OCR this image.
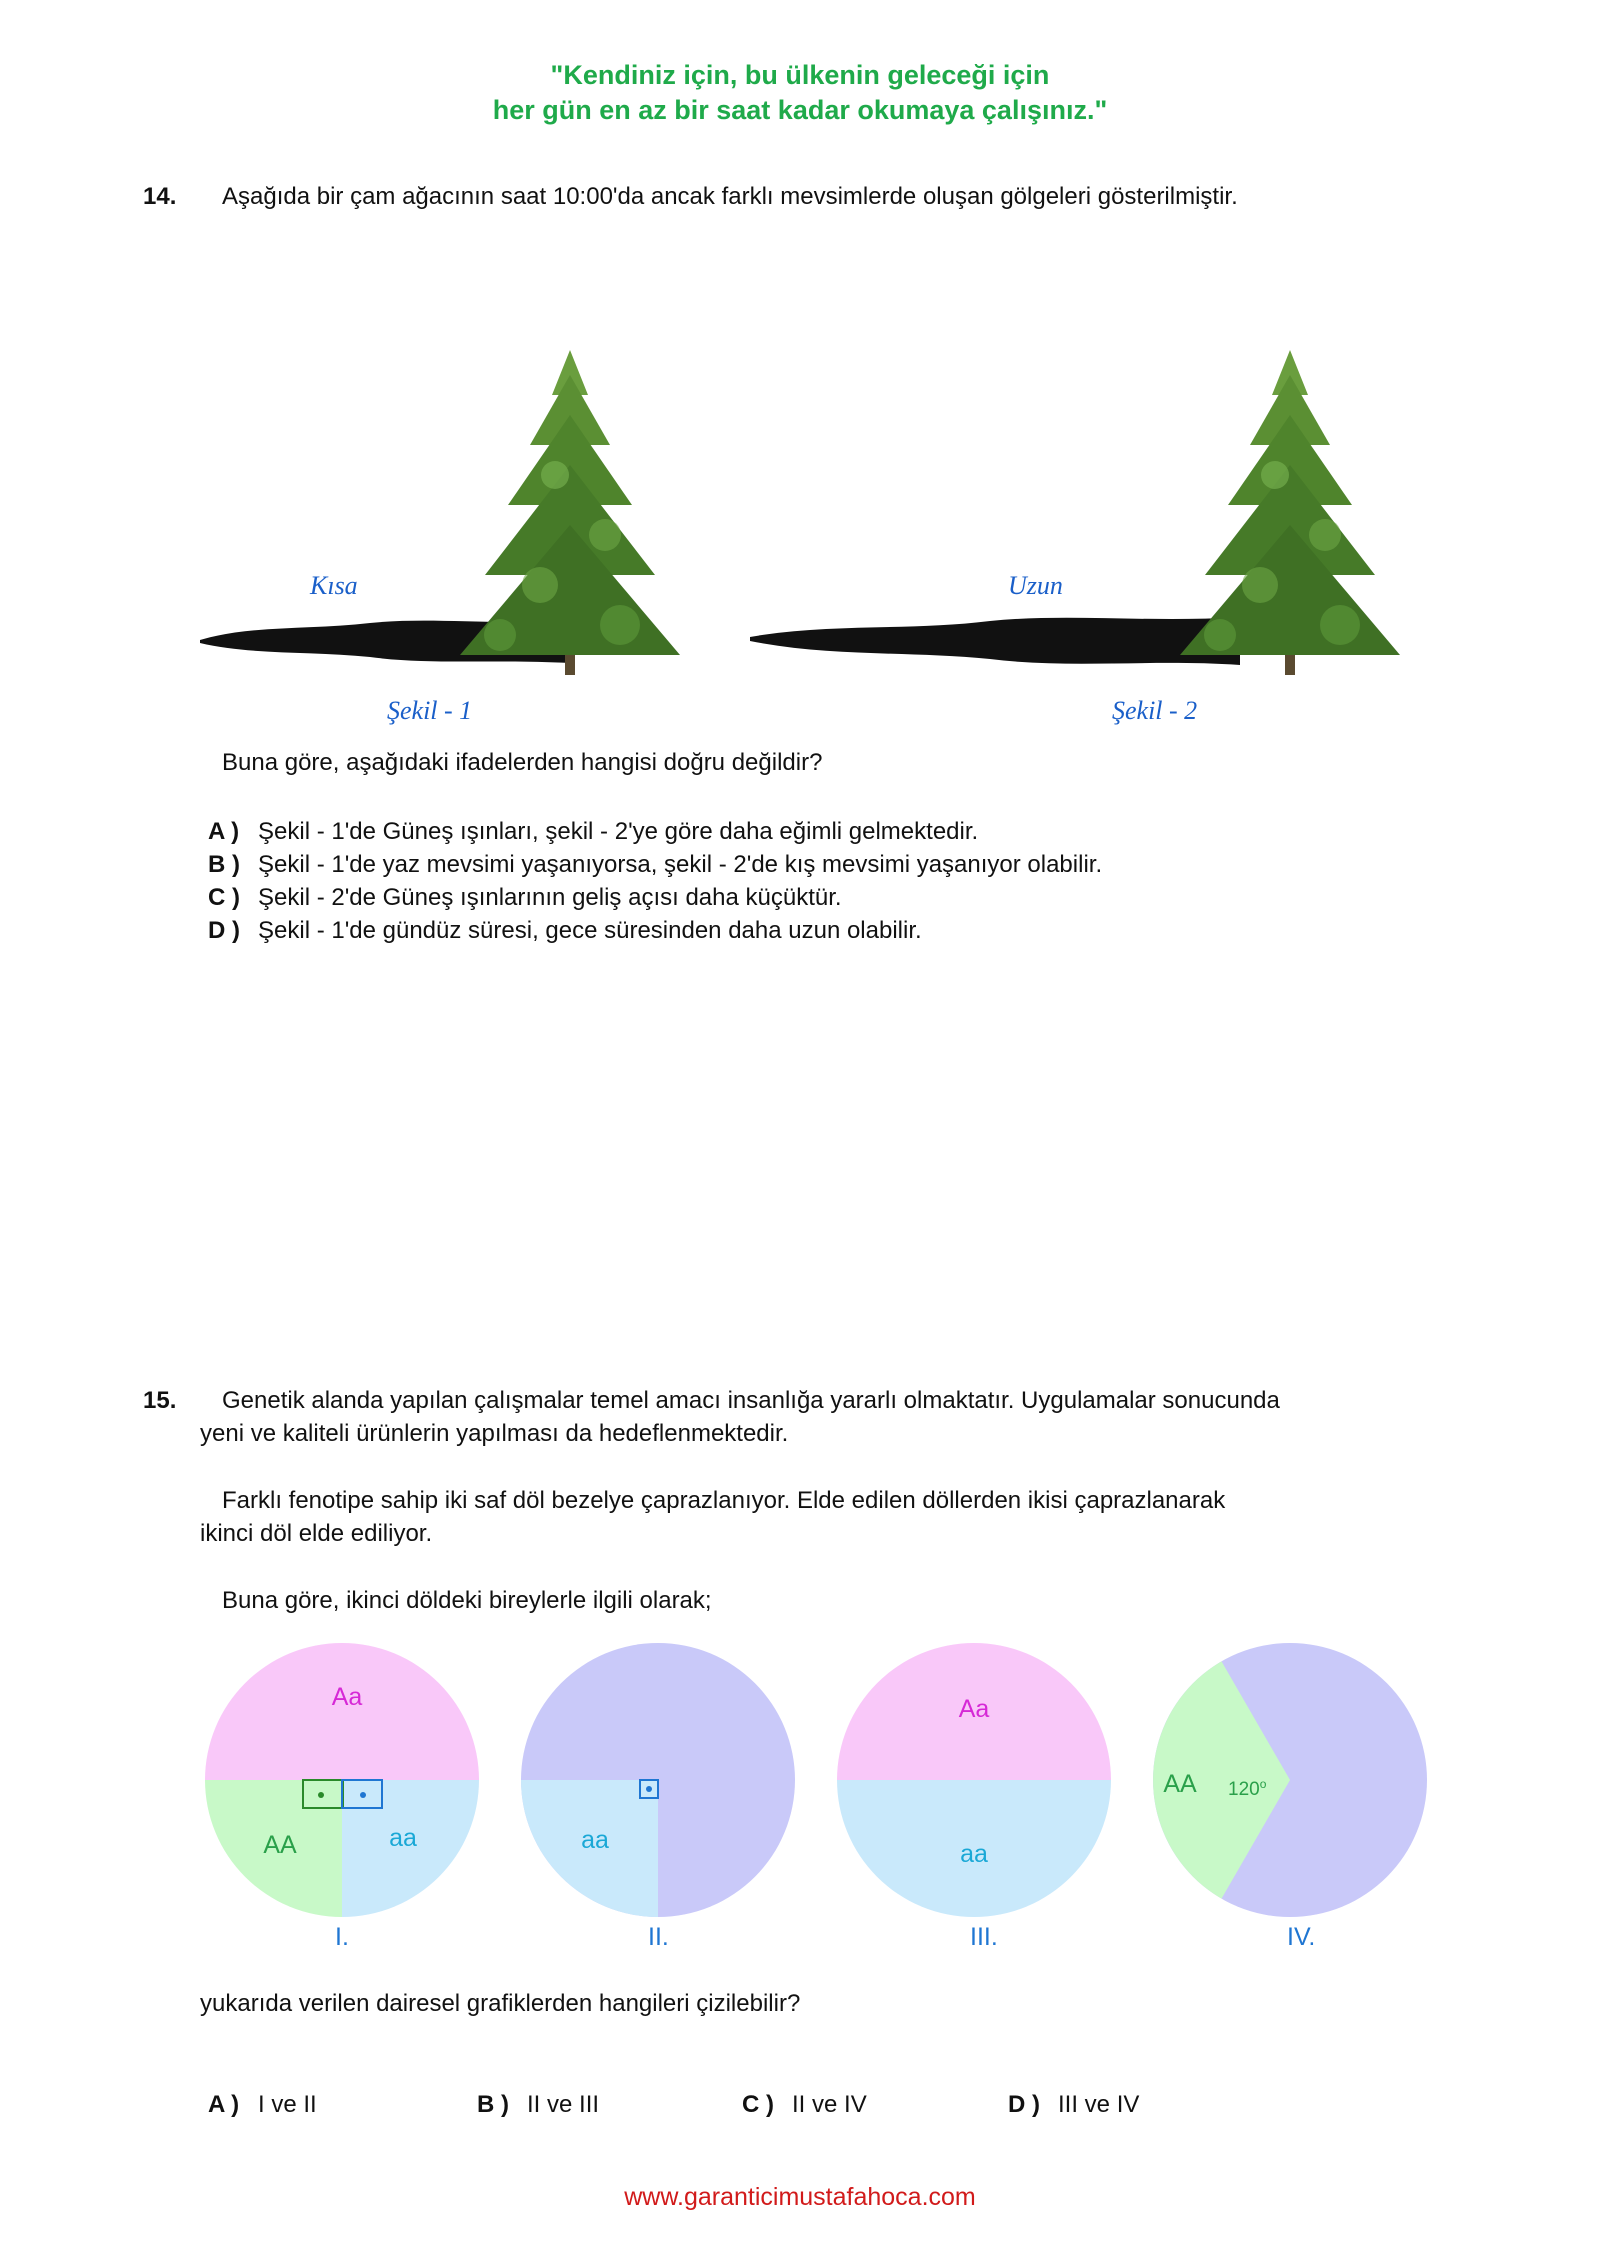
"Kendiniz için, bu ülkenin geleceği için
her gün en az bir saat kadar okumaya çalışınız."
14. Aşağıda bir çam ağacının saat 10:00'da ancak farklı mevsimlerde oluşan gölgeleri gösterilmiştir.
Kısa	Uzun
Şekil - 1	Şekil - 2
Buna göre, aşağıdaki ifadelerden hangisi doğru değildir?
A ) Şekil - 1'de Güneş ışınları, şekil - 2'ye göre daha eğimli gelmektedir.
B ) Şekil - 1'de yaz mevsimi yaşanıyorsa, şekil - 2'de kış mevsimi yaşanıyor olabilir.
C ) Şekil - 2'de Güneş ışınlarının geliş açısı daha küçüktür.
D ) Şekil - 1'de gündüz süresi, gece süresinden daha uzun olabilir.
15. Genetik alanda yapılan çalışmalar temel amacı insanlığa yararlı olmaktatır. Uygulamalar sonucunda
yeni ve kaliteli ürünlerin yapılması da hedeflenmektedir.
Farklı fenotipe sahip iki saf döl bezelye çaprazlanıyor. Elde edilen döllerden ikisi çaprazlanarak
ikinci döl elde ediliyor.
Buna göre, ikinci döldeki bireylerle ilgili olarak;
Aa
AA	aa	aa
Aa
aa
AA 120$^o$
I.	II.	III.	IV.
yukarıda verilen dairesel grafiklerden hangileri çizilebilir?
A ) I ve II	B ) II ve III	C ) II ve IV	D ) III ve IV
www.garanticimustafahoca.com
